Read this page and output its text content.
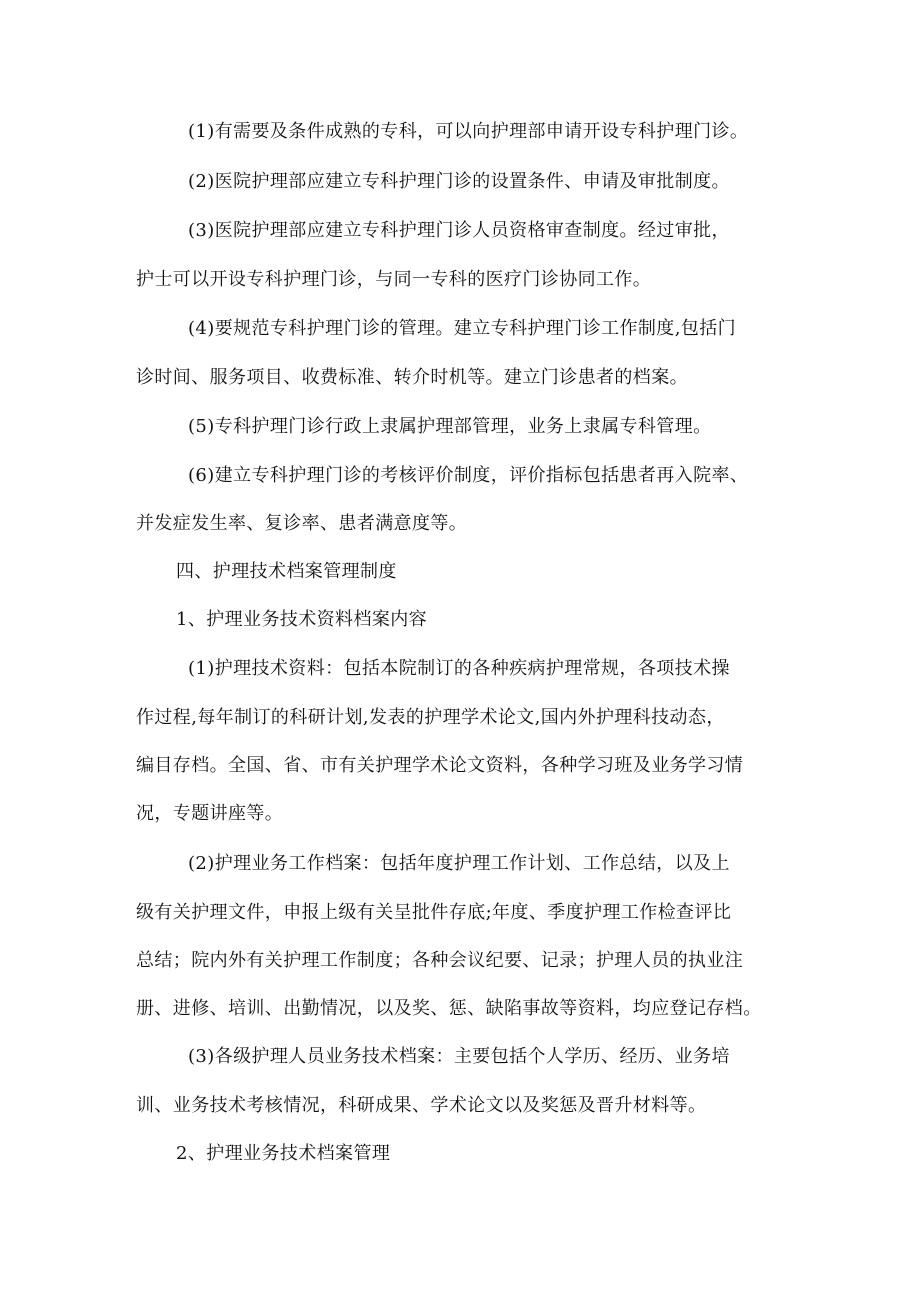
(1)有需要及条件成熟的专科，可以向护理部申请开设专科护理门诊。
(2)医院护理部应建立专科护理门诊的设置条件、申请及审批制度。
(3)医院护理部应建立专科护理门诊人员资格审查制度。经过审批，
护士可以开设专科护理门诊，与同一专科的医疗门诊协同工作。
(4)要规范专科护理门诊的管理。建立专科护理门诊工作制度,包括门
诊时间、服务项目、收费标准、转介时机等。建立门诊患者的档案。
(5)专科护理门诊行政上隶属护理部管理，业务上隶属专科管理。
(6)建立专科护理门诊的考核评价制度，评价指标包括患者再入院率、
并发症发生率、复诊率、患者满意度等。
四、护理技术档案管理制度
1、护理业务技术资料档案内容
(1)护理技术资料：包括本院制订的各种疾病护理常规，各项技术操
作过程,每年制订的科研计划,发表的护理学术论文,国内外护理科技动态，
编目存档。全国、省、市有关护理学术论文资料，各种学习班及业务学习情
况，专题讲座等。
(2)护理业务工作档案：包括年度护理工作计划、工作总结，以及上
级有关护理文件，申报上级有关呈批件存底;年度、季度护理工作检查评比
总结；院内外有关护理工作制度；各种会议纪要、记录；护理人员的执业注
册、进修、培训、出勤情况，以及奖、惩、缺陷事故等资料，均应登记存档。
(3)各级护理人员业务技术档案：主要包括个人学历、经历、业务培
训、业务技术考核情况，科研成果、学术论文以及奖惩及晋升材料等。
2、护理业务技术档案管理
